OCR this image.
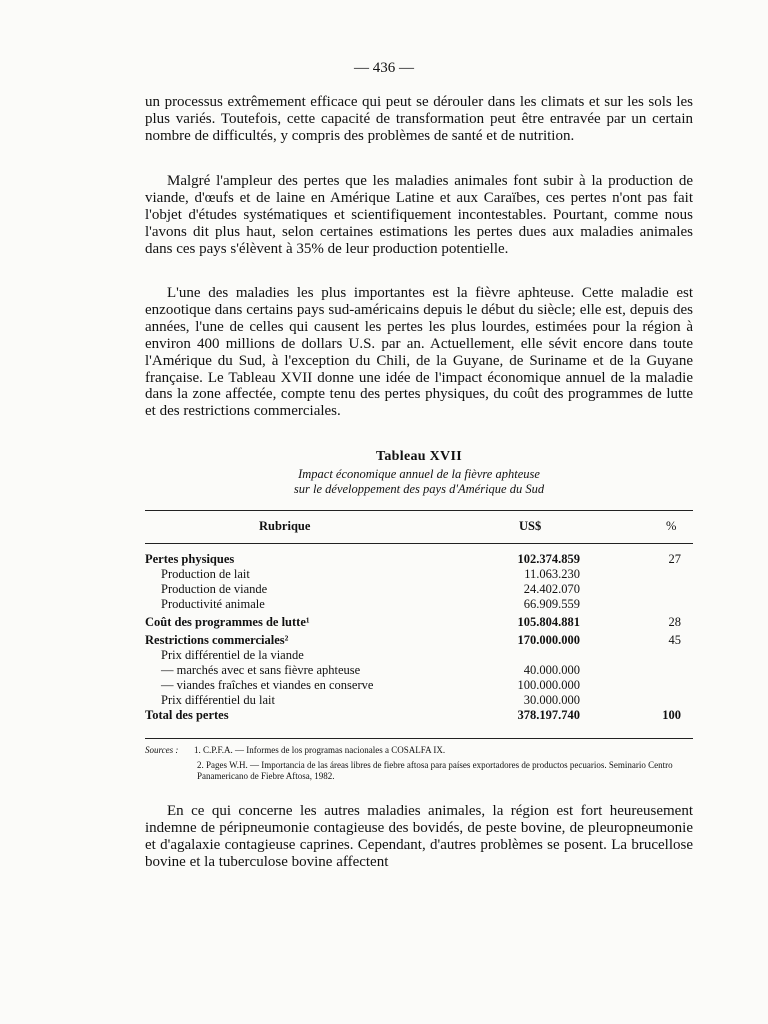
— 436 —

un processus extrêmement efficace qui peut se dérouler dans les climats et sur les sols les plus variés. Toutefois, cette capacité de transformation peut être entravée par un certain nombre de difficultés, y compris des problèmes de santé et de nutrition.

Malgré l'ampleur des pertes que les maladies animales font subir à la production de viande, d'œufs et de laine en Amérique Latine et aux Caraïbes, ces pertes n'ont pas fait l'objet d'études systématiques et scientifiquement incontestables. Pourtant, comme nous l'avons dit plus haut, selon certaines estimations les pertes dues aux maladies animales dans ces pays s'élèvent à 35% de leur production potentielle.

L'une des maladies les plus importantes est la fièvre aphteuse. Cette maladie est enzootique dans certains pays sud-américains depuis le début du siècle; elle est, depuis des années, l'une de celles qui causent les pertes les plus lourdes, estimées pour la région à environ 400 millions de dollars U.S. par an. Actuellement, elle sévit encore dans toute l'Amérique du Sud, à l'exception du Chili, de la Guyane, de Suriname et de la Guyane française. Le Tableau XVII donne une idée de l'impact économique annuel de la maladie dans la zone affectée, compte tenu des pertes physiques, du coût des programmes de lutte et des restrictions commerciales.

Tableau XVII
Impact économique annuel de la fièvre aphteuse
sur le développement des pays d'Amérique du Sud
Rubrique	US$	%
Pertes physiques	102.374.859	27
Production de lait	11.063.230
Production de viande	24.402.070
Productivité animale	66.909.559
Coût des programmes de lutte¹	105.804.881	28
Restrictions commerciales²	170.000.000	45
Prix différentiel de la viande
— marchés avec et sans fièvre aphteuse	40.000.000
— viandes fraîches et viandes en conserve	100.000.000
Prix différentiel du lait	30.000.000
Total des pertes	378.197.740	100
Sources : 1. C.P.F.A. — Informes de los programas nacionales a COSALFA IX.
2. Pages W.H. — Importancia de las áreas libres de fiebre aftosa para países exportadores de productos pecuarios. Seminario Centro Panamericano de Fiebre Aftosa, 1982.

En ce qui concerne les autres maladies animales, la région est fort heureusement indemne de péripneumonie contagieuse des bovidés, de peste bovine, de pleuropneumonie et d'agalaxie contagieuse caprines. Cependant, d'autres problèmes se posent. La brucellose bovine et la tuberculose bovine affectent
